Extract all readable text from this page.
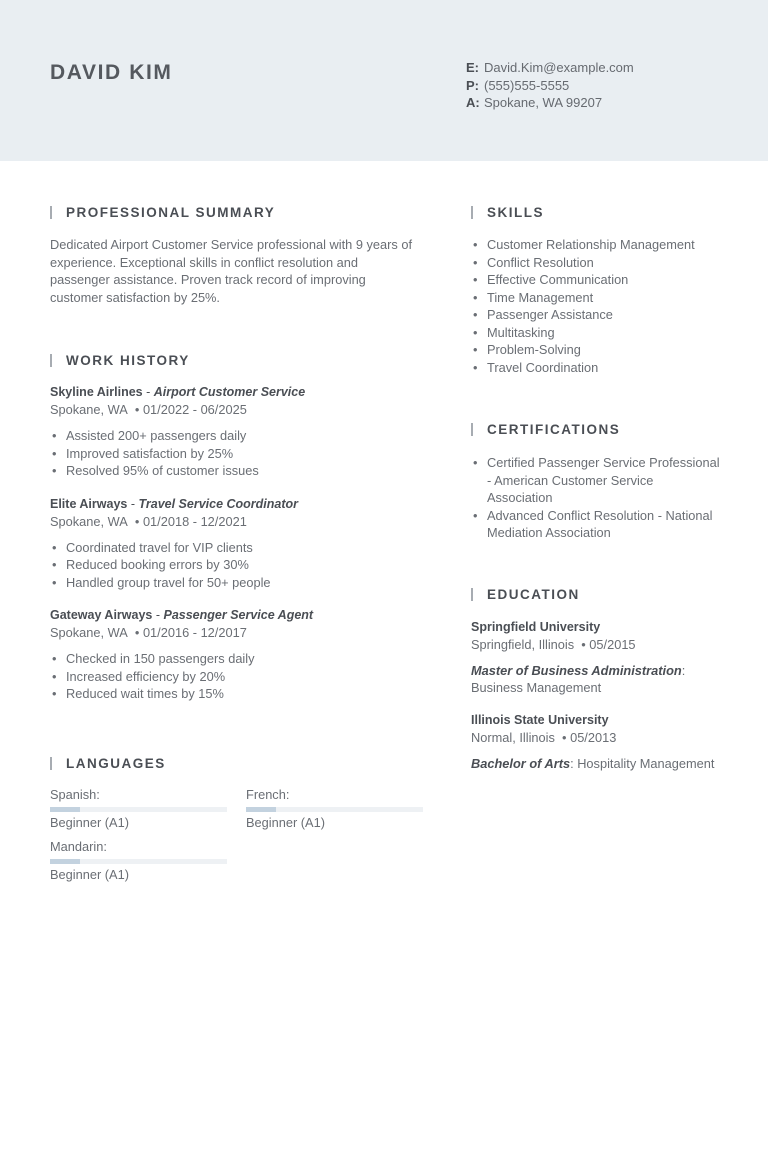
DAVID KIM	E: David.Kim@example.com
P: (555)555-5555
A: Spokane, WA 99207
PROFESSIONAL SUMMARY
Dedicated Airport Customer Service professional with 9 years of experience. Exceptional skills in conflict resolution and passenger assistance. Proven track record of improving customer satisfaction by 25%.
WORK HISTORY
Skyline Airlines - Airport Customer Service
Spokane, WA  • 01/2022 - 06/2025
• Assisted 200+ passengers daily
• Improved satisfaction by 25%
• Resolved 95% of customer issues
Elite Airways - Travel Service Coordinator
Spokane, WA  • 01/2018 - 12/2021
• Coordinated travel for VIP clients
• Reduced booking errors by 30%
• Handled group travel for 50+ people
Gateway Airways - Passenger Service Agent
Spokane, WA  • 01/2016 - 12/2017
• Checked in 150 passengers daily
• Increased efficiency by 20%
• Reduced wait times by 15%
LANGUAGES
Spanish:
Beginner (A1)
French:
Beginner (A1)
Mandarin:
Beginner (A1)
SKILLS
• Customer Relationship Management
• Conflict Resolution
• Effective Communication
• Time Management
• Passenger Assistance
• Multitasking
• Problem-Solving
• Travel Coordination
CERTIFICATIONS
• Certified Passenger Service Professional - American Customer Service Association
• Advanced Conflict Resolution - National Mediation Association
EDUCATION
Springfield University
Springfield, Illinois  • 05/2015
Master of Business Administration: Business Management
Illinois State University
Normal, Illinois  • 05/2013
Bachelor of Arts: Hospitality Management
